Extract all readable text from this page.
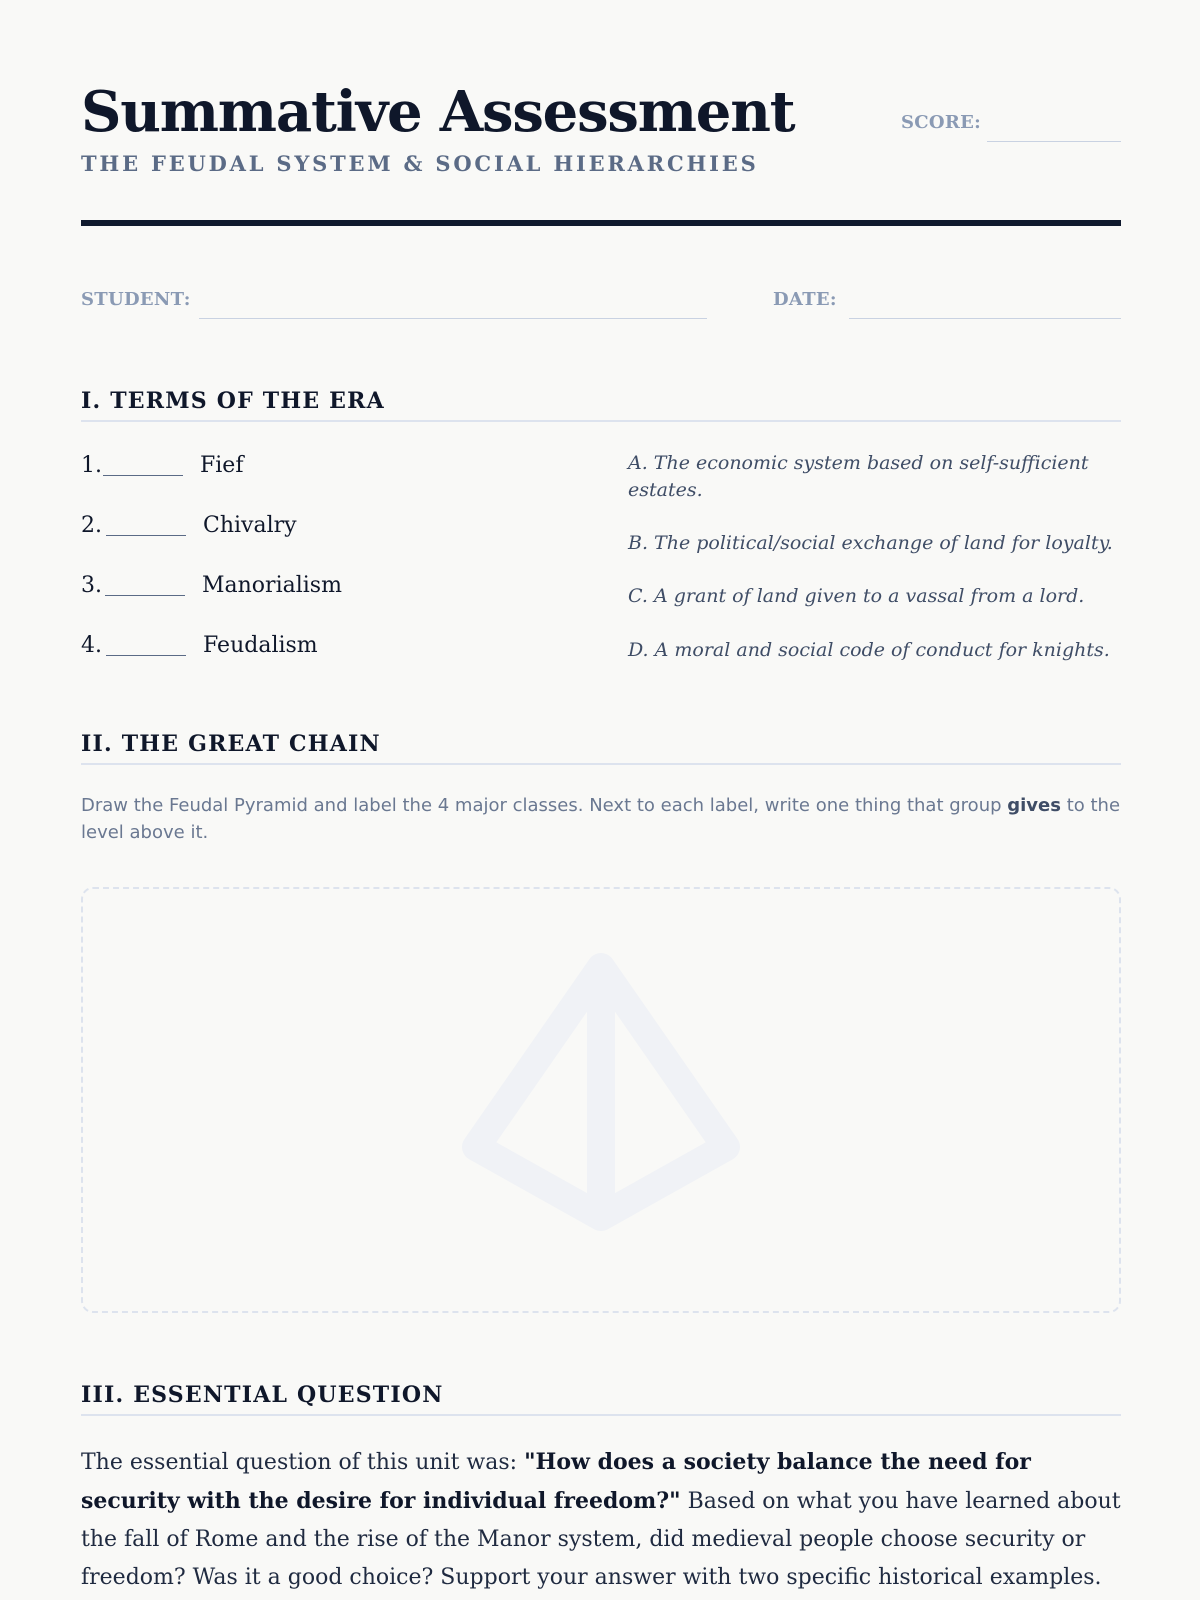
Summative Assessment
THE FEUDAL SYSTEM & SOCIAL HIERARCHIES
SCORE:
STUDENT:	DATE:
I. TERMS OF THE ERA
1.	Fief
2.	Chivalry
3.	Manorialism
4.	Feudalism
A. The economic system based on self-sufficient estates.
B. The political/social exchange of land for loyalty.
C. A grant of land given to a vassal from a lord.
D. A moral and social code of conduct for knights.
II. THE GREAT CHAIN
Draw the Feudal Pyramid and label the 4 major classes. Next to each label, write one thing that group gives to the level above it.
III. ESSENTIAL QUESTION
The essential question of this unit was: "How does a society balance the need for security with the desire for individual freedom?" Based on what you have learned about the fall of Rome and the rise of the Manor system, did medieval people choose security or freedom? Was it a good choice? Support your answer with two specific historical examples.
